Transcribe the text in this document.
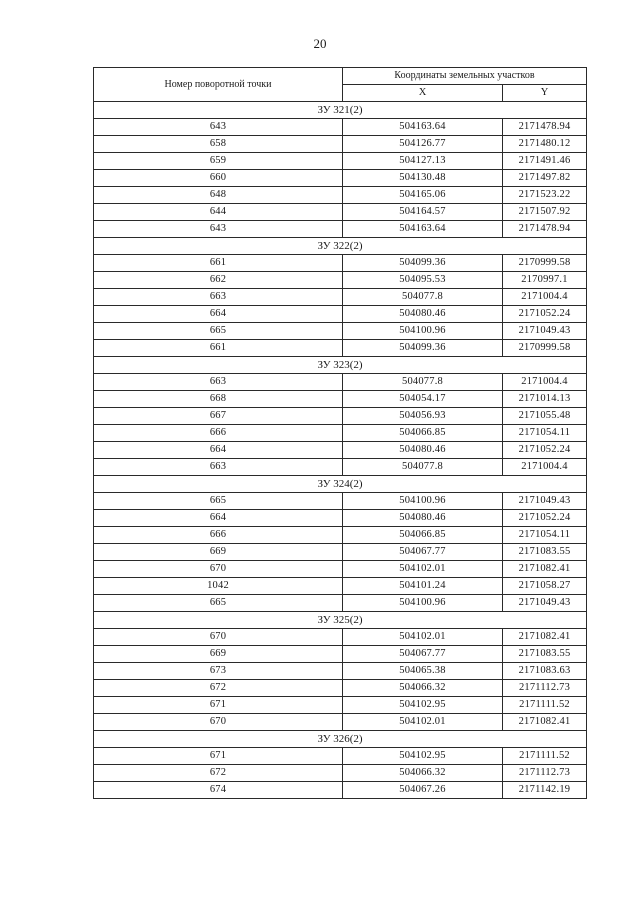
20
Номер поворотной точки	Координаты земельных участков	
	X	Y
ЗУ 321(2)		
643	504163.64	2171478.94
658	504126.77	2171480.12
659	504127.13	2171491.46
660	504130.48	2171497.82
648	504165.06	2171523.22
644	504164.57	2171507.92
643	504163.64	2171478.94
ЗУ 322(2)		
661	504099.36	2170999.58
662	504095.53	2170997.1
663	504077.8	2171004.4
664	504080.46	2171052.24
665	504100.96	2171049.43
661	504099.36	2170999.58
ЗУ 323(2)		
663	504077.8	2171004.4
668	504054.17	2171014.13
667	504056.93	2171055.48
666	504066.85	2171054.11
664	504080.46	2171052.24
663	504077.8	2171004.4
ЗУ 324(2)		
665	504100.96	2171049.43
664	504080.46	2171052.24
666	504066.85	2171054.11
669	504067.77	2171083.55
670	504102.01	2171082.41
1042	504101.24	2171058.27
665	504100.96	2171049.43
ЗУ 325(2)		
670	504102.01	2171082.41
669	504067.77	2171083.55
673	504065.38	2171083.63
672	504066.32	2171112.73
671	504102.95	2171111.52
670	504102.01	2171082.41
ЗУ 326(2)		
671	504102.95	2171111.52
672	504066.32	2171112.73
674	504067.26	2171142.19
